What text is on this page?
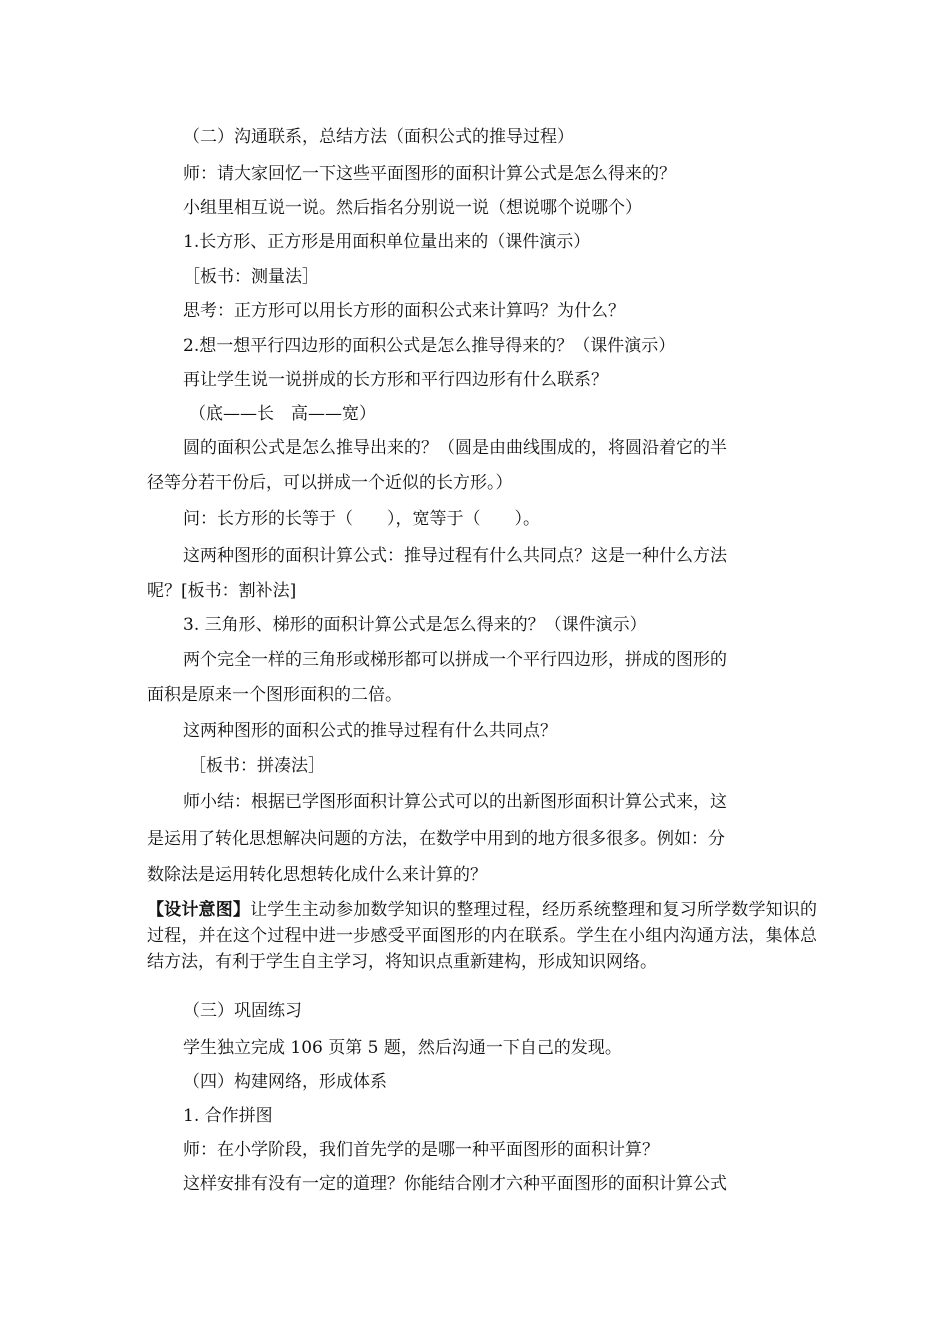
（二）沟通联系，总结方法（面积公式的推导过程）
师：请大家回忆一下这些平面图形的面积计算公式是怎么得来的？
小组里相互说一说。然后指名分别说一说（想说哪个说哪个）
1.长方形、正方形是用面积单位量出来的（课件演示）
［板书：测量法］
思考：正方形可以用长方形的面积公式来计算吗？为什么？
2.想一想平行四边形的面积公式是怎么推导得来的？（课件演示）
再让学生说一说拼成的长方形和平行四边形有什么联系？
（底——长　高——宽）
圆的面积公式是怎么推导出来的？（圆是由曲线围成的，将圆沿着它的半
径等分若干份后，可以拼成一个近似的长方形。）
问：长方形的长等于（　　），宽等于（　　）。
这两种图形的面积计算公式：推导过程有什么共同点？这是一种什么方法
呢？[板书：割补法]
3. 三角形、梯形的面积计算公式是怎么得来的？（课件演示）
两个完全一样的三角形或梯形都可以拼成一个平行四边形，拼成的图形的
面积是原来一个图形面积的二倍。
这两种图形的面积公式的推导过程有什么共同点？
［板书：拼凑法］
师小结：根据已学图形面积计算公式可以的出新图形面积计算公式来，这
是运用了转化思想解决问题的方法，在数学中用到的地方很多很多。例如：分
数除法是运用转化思想转化成什么来计算的？
【设计意图】让学生主动参加数学知识的整理过程，经历系统整理和复习所学数学知识的过程，并在这个过程中进一步感受平面图形的内在联系。学生在小组内沟通方法，集体总结方法，有利于学生自主学习，将知识点重新建构，形成知识网络。
（三）巩固练习
学生独立完成 106 页第 5 题，然后沟通一下自己的发现。
（四）构建网络，形成体系
1. 合作拼图
师：在小学阶段，我们首先学的是哪一种平面图形的面积计算？
这样安排有没有一定的道理？你能结合刚才六种平面图形的面积计算公式
